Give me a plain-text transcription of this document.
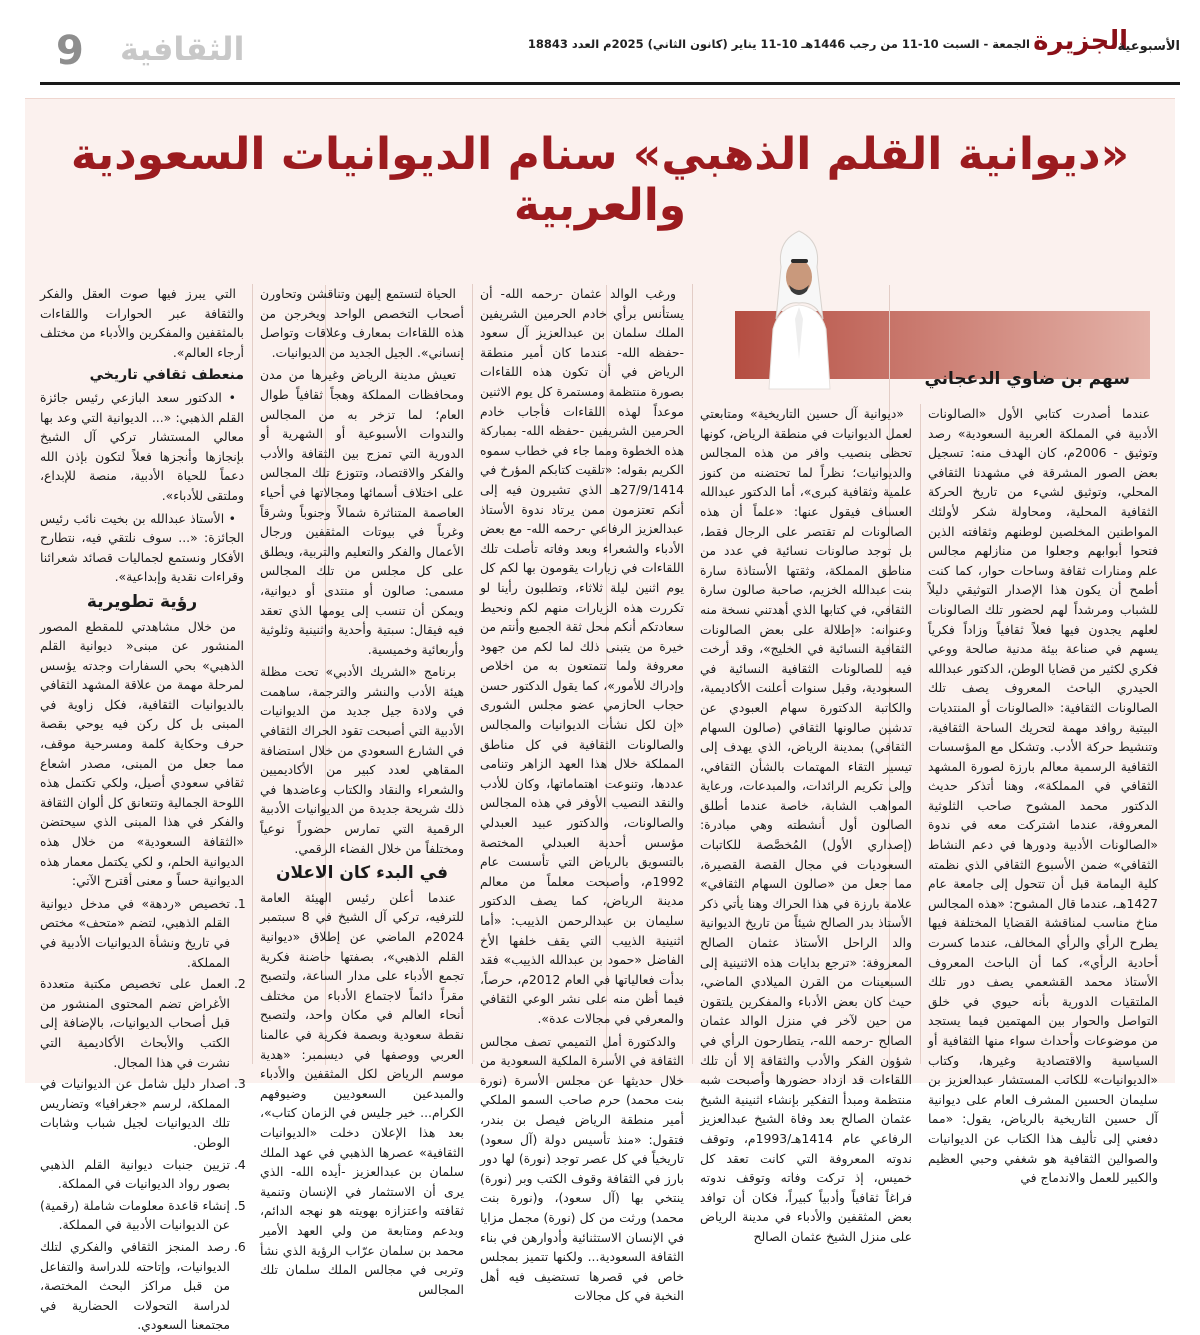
9 الثقافية	الجمعة - السبت 10-11 من رجب 1446هـ 10-11 يناير (كانون الثاني) 2025م العدد 18843 الجزيرة
الأسبوعية
«ديوانية القلم الذهبي» سنام الديوانيات السعودية والعربية
سهم بن ضاوي الدعجاني

عندما أصدرت كتابي الأول «الصالونات الأدبية في المملكة العربية السعودية» رصد وتوثيق - 2006م، كان الهدف منه: تسجيل بعض الصور المشرقة في مشهدنا الثقافي المحلي، وتوثيق لشيء من تاريخ الحركة الثقافية المحلية، ومحاولة شكر لأولئك المواطنين المخلصين لوطنهم وثقافته الذين فتحوا أبوابهم وجعلوا من منازلهم مجالس علم ومنارات ثقافة وساحات حوار، كما كنت أطمح أن يكون هذا الإصدار التوثيقي دليلاً للشباب ومرشداً لهم لحضور تلك الصالونات لعلهم يجدون فيها فعلاً ثقافياً وزاداً فكرياً يسهم في صناعة بيئة مدنية صالحة ووعي فكري لكثير من قضايا الوطن، الدكتور عبدالله الحيدري الباحث المعروف يصف تلك الصالونات الثقافية: «الصالونات أو المنتديات البيتية روافد مهمة لتحريك الساحة الثقافية، وتنشيط حركة الأدب. وتشكل مع المؤسسات الثقافية الرسمية معالم بارزة لصورة المشهد الثقافي في المملكة»، وهنا أتذكر حديث الدكتور محمد المشوح صاحب الثلوثية المعروفة، عندما اشتركت معه في ندوة «الصالونات الأدبية ودورها في دعم النشاط الثقافي» ضمن الأسبوع الثقافي الذي نظمته كلية اليمامة قبل أن تتحول إلى جامعة عام 1427هـ، عندما قال المشوح: «هذه المجالس مناخ مناسب لمناقشة القضايا المختلفة فيها يطرح الرأي والرأي المخالف، عندما كسرت أحادية الرأي»، كما أن الباحث المعروف الأستاذ محمد القشعمي يصف دور تلك الملتقيات الدورية بأنه حيوي في خلق التواصل والحوار بين المهتمين فيما يستجد من موضوعات وأحداث سواء منها الثقافية أو السياسية والاقتصادية وغيرها، وكتاب «الديوانيات» للكاتب المستشار عبدالعزيز بن سليمان الحسين المشرف العام على ديوانية آل حسين التاريخية بالرياض، يقول: «مما دفعني إلى تأليف هذا الكتاب عن الديوانيات والصوالين الثقافية هو شغفي وحبي العظيم والكبير للعمل والاندماج في

«ديوانية آل حسين التاريخية» ومتابعتي لعمل الديوانيات في منطقة الرياض، كونها تحظى بنصيب وافر من هذه المجالس والديوانيات؛ نظراً لما تحتضنه من كنوز علمية وثقافية كبرى»، أما الدكتور عبدالله العساف فيقول عنها: «علماً أن هذه الصالونات لم تقتصر على الرجال فقط، بل توجد صالونات نسائية في عدد من مناطق المملكة، وثقتها الأستاذة سارة بنت عبدالله الخزيم، صاحبة صالون سارة الثقافي، في كتابها الذي أهدتني نسخة منه وعنوانه: «إطلالة على بعض الصالونات الثقافية النسائية في الخليج»، وقد أرخت فيه للصالونات الثقافية النسائية في السعودية، وقبل سنوات أعلنت الأكاديمية، والكاتبة الدكتورة سهام العبودي عن تدشين صالونها الثقافي (صالون السهام الثقافي) بمدينة الرياض، الذي يهدف إلى تيسير التقاء المهتمات بالشأن الثقافي، وإلى تكريم الرائدات، والمبدعات، ورعاية المواهب الشابة، خاصة عندما أطلق الصالون أول أنشطته وهي مبادرة: (إصداري الأول) المُخصَّصة للكاتبات السعوديات في مجال القصة القصيرة، مما جعل من «صالون السهام الثقافي» علامة بارزة في هذا الحراك وهنا يأتي ذكر الأستاذ بدر الصالح شيئاً من تاريخ الديوانية والد الراحل الأستاذ عثمان الصالح المعروفة: «ترجع بدايات هذه الاثنينية إلى السبعينات من القرن الميلادي الماضي، حيث كان بعض الأدباء والمفكرين يلتقون من حين لآخر في منزل الوالد عثمان الصالح -رحمه الله-، يتطارحون الرأي في شؤون الفكر والأدب والثقافة إلا أن تلك اللقاءات قد ازداد حضورها وأصبحت شبه منتظمة ومبدأ التفكير بإنشاء اثنينية الشيخ عثمان الصالح بعد وفاة الشيخ عبدالعزيز الرفاعي عام 1414هـ/1993م، وتوقف ندوته المعروفة التي كانت تعقد كل خميس، إذ تركت وفاته وتوقف ندوته فراغاً ثقافياً وأدبياً كبيراً، فكان أن توافد بعض المثقفين والأدباء في مدينة الرياض على منزل الشيخ عثمان الصالح

ورغب الوالد عثمان -رحمه الله- أن يستأنس برأي خادم الحرمين الشريفين الملك سلمان بن عبدالعزيز آل سعود -حفظه الله- عندما كان أمير منطقة الرياض في أن تكون هذه اللقاءات بصورة منتظمة ومستمرة كل يوم الاثنين موعداً لهذه اللقاءات فأجاب خادم الحرمين الشريفين -حفظه الله- بمباركة هذه الخطوة ومما جاء في خطاب سموه الكريم بقوله: «تلقيت كتابكم المؤرخ في 27/9/1414هـ الذي تشيرون فيه إلى أنكم تعتزمون ممن يرتاد ندوة الأستاذ عبدالعزيز الرفاعي -رحمه الله- مع بعض الأدباء والشعراء وبعد وفاته تأصلت تلك اللقاءات في زيارات يقومون بها لكم كل يوم اثنين ليلة ثلاثاء، وتطلبون رأينا لو تكررت هذه الزيارات منهم لكم ونحيط سعادتكم أنكم محل ثقة الجميع وأنتم من خيرة من يتبنى ذلك لما لكم من جهود معروفة ولما تتمتعون به من اخلاص وإدراك للأمور»، كما يقول الدكتور حسن حجاب الحازمي عضو مجلس الشورى «إن لكل نشأت الديوانيات والمجالس والصالونات الثقافية في كل مناطق المملكة خلال هذا العهد الزاهر وتنامى عددها، وتنوعت اهتماماتها، وكان للأدب والنقد النصيب الأوفر في هذه المجالس والصالونات، والدكتور عبيد العبدلي مؤسس أحدية العبدلي المختصة بالتسويق بالرياض التي تأسست عام 1992م، وأصبحت معلماً من معالم مدينة الرياض، كما يصف الدكتور سليمان بن عبدالرحمن الذييب: «أما اثنينية الذييب التي يقف خلفها الأخ الفاضل «حمود بن عبدالله الذييب» فقد بدأت فعالياتها في العام 2012م، حرصاً، فيما أظن منه على نشر الوعي الثقافي والمعرفي في مجالات عدة».

والدكتورة أمل التميمي تصف مجالس الثقافة في الأسرة الملكية السعودية من خلال حديثها عن مجلس الأسرة (نورة بنت محمد) حرم صاحب السمو الملكي أمير منطقة الرياض فيصل بن بندر، فتقول: «منذ تأسيس دولة (آل سعود) تاريخياً في كل عصر توجد (نورة) لها دور بارز في الثقافة وقوف الكتب وبر (نورة) ينتخي بها (آل سعود)، و(نورة بنت محمد) ورثت من كل (نورة) مجمل مزايا في الإنسان الاستثنائية وأدوارهن في بناء الثقافة السعودية... ولكنها تتميز بمجلس خاص في قصرها تستضيف فيه أهل النخبة في كل مجالات

الحياة لتستمع إليهن وتناقشن وتحاورن أصحاب التخصص الواحد ويخرجن من هذه اللقاءات بمعارف وعلاقات وتواصل إنساني». الجيل الجديد من الديوانيات.

تعيش مدينة الرياض وغيرها من مدن ومحافظات المملكة وهجاً ثقافياً طوال العام؛ لما تزخر به من المجالس والندوات الأسبوعية أو الشهرية أو الدورية التي تمزج بين الثقافة والأدب والفكر والاقتصاد، وتتوزع تلك المجالس على اختلاف أسمائها ومجالاتها في أحياء العاصمة المتناثرة شمالاً وجنوباً وشرقاً وغرباً في بيوتات المثقفين ورجال الأعمال والفكر والتعليم والتربية، ويطلق على كل مجلس من تلك المجالس مسمى: صالون أو منتدى أو ديوانية، ويمكن أن تنسب إلى يومها الذي تعقد فيه فيقال: سبتية وأحدية واثنينية وثلوثية وأربعائية وخميسية.

برنامج «الشريك الأدبي» تحت مظلة هيئة الأدب والنشر والترجمة، ساهمت في ولادة جيل جديد من الديوانيات الأدبية التي أصبحت تقود الحراك الثقافي في الشارع السعودي من خلال استضافة المقاهي لعدد كبير من الأكاديميين والشعراء والنقاد والكتاب وعاضدها في ذلك شريحة جديدة من الديوانيات الأدبية الرقمية التي تمارس حضوراً نوعياً ومختلفاً من خلال الفضاء الرقمي.

في البدء كان الاعلان

عندما أعلن رئيس الهيئة العامة للترفيه، تركي آل الشيخ في 8 سبتمبر 2024م الماضي عن إطلاق «ديوانية القلم الذهبي»، بصفتها حاضنة فكرية تجمع الأدباء على مدار الساعة، ولتصبح مقراً دائماً لاجتماع الأدباء من مختلف أنحاء العالم في مكان واحد، ولتصبح نقطة سعودية وبصمة فكرية في عالمنا العربي ووصفها في ديسمبر: «هدية موسم الرياض لكل المثقفين والأدباء والمبدعين السعوديين وضيوفهم الكرام... خير جليس في الزمان كتاب»، بعد هذا الإعلان دخلت «الديوانيات الثقافية» عصرها الذهبي في عهد الملك سلمان بن عبدالعزيز -أيده الله- الذي يرى أن الاستثمار في الإنسان وتنمية ثقافته واعتزازه بهويته هو نهجه الدائم، وبدعم ومتابعة من ولي العهد الأمير محمد بن سلمان عرّاب الرؤية الذي نشأ وتربى في مجالس الملك سلمان تلك المجالس

التي يبرز فيها صوت العقل والفكر والثقافة عبر الحوارات واللقاءات بالمثقفين والمفكرين والأدباء من مختلف أرجاء العالم».

منعطف ثقافي تاريخي

• الدكتور سعد البازعي رئيس جائزة القلم الذهبي: «... الديوانية التي وعد بها معالي المستشار تركي آل الشيخ بإنجازها وأنجزها فعلاً لتكون بإذن الله دعماً للحياة الأدبية، منصة للإبداع، وملتقى للأدباء».

• الأستاذ عبدالله بن بخيت نائب رئيس الجائزة: «... سوف نلتقي فيه، نتطارح الأفكار ونستمع لجماليات قصائد شعرائنا وقراءات نقدية وإبداعية».

رؤية تطويرية

من خلال مشاهدتي للمقطع المصور المنشور عن مبنى« ديوانية القلم الذهبي» بحي السفارات وجدته يؤسس لمرحلة مهمة من علاقة المشهد الثقافي بالديوانيات الثقافية، فكل زاوية في المبنى بل كل ركن فيه يوحي بقصة حرف وحكاية كلمة ومسرحية موقف، مما جعل من المبنى، مصدر اشعاع ثقافي سعودي أصيل، ولكي تكتمل هذه اللوحة الجمالية وتتعانق كل ألوان الثقافة والفكر في هذا المبنى الذي سيحتضن «الثقافة السعودية» من خلال هذه الديوانية الحلم، و لكي يكتمل معمار هذه الديوانية حساً و معنى أقترح الآتي:

1. تخصيص «ردهة» في مدخل ديوانية القلم الذهبي، لتضم «متحف» مختص في تاريخ ونشأة الديوانيات الأدبية في المملكة.
2. العمل على تخصيص مكتبة متعددة الأغراض تضم المحتوى المنشور من قبل أصحاب الديوانيات، بالإضافة إلى الكتب والأبحاث الأكاديمية التي نشرت في هذا المجال.
3. اصدار دليل شامل عن الديوانيات في المملكة، لرسم «جغرافيا» وتضاريس تلك الديوانيات لجيل شباب وشابات الوطن.
4. تزيين جنبات ديوانية القلم الذهبي بصور رواد الديوانيات في المملكة.
5. إنشاء قاعدة معلومات شاملة (رقمية) عن الديوانيات الأدبية في المملكة.
6. رصد المنجز الثقافي والفكري لتلك الديوانيات، وإتاحته للدراسة والتفاعل من قبل مراكز البحث المختصة، لدراسة التحولات الحضارية في مجتمعنا السعودي.
